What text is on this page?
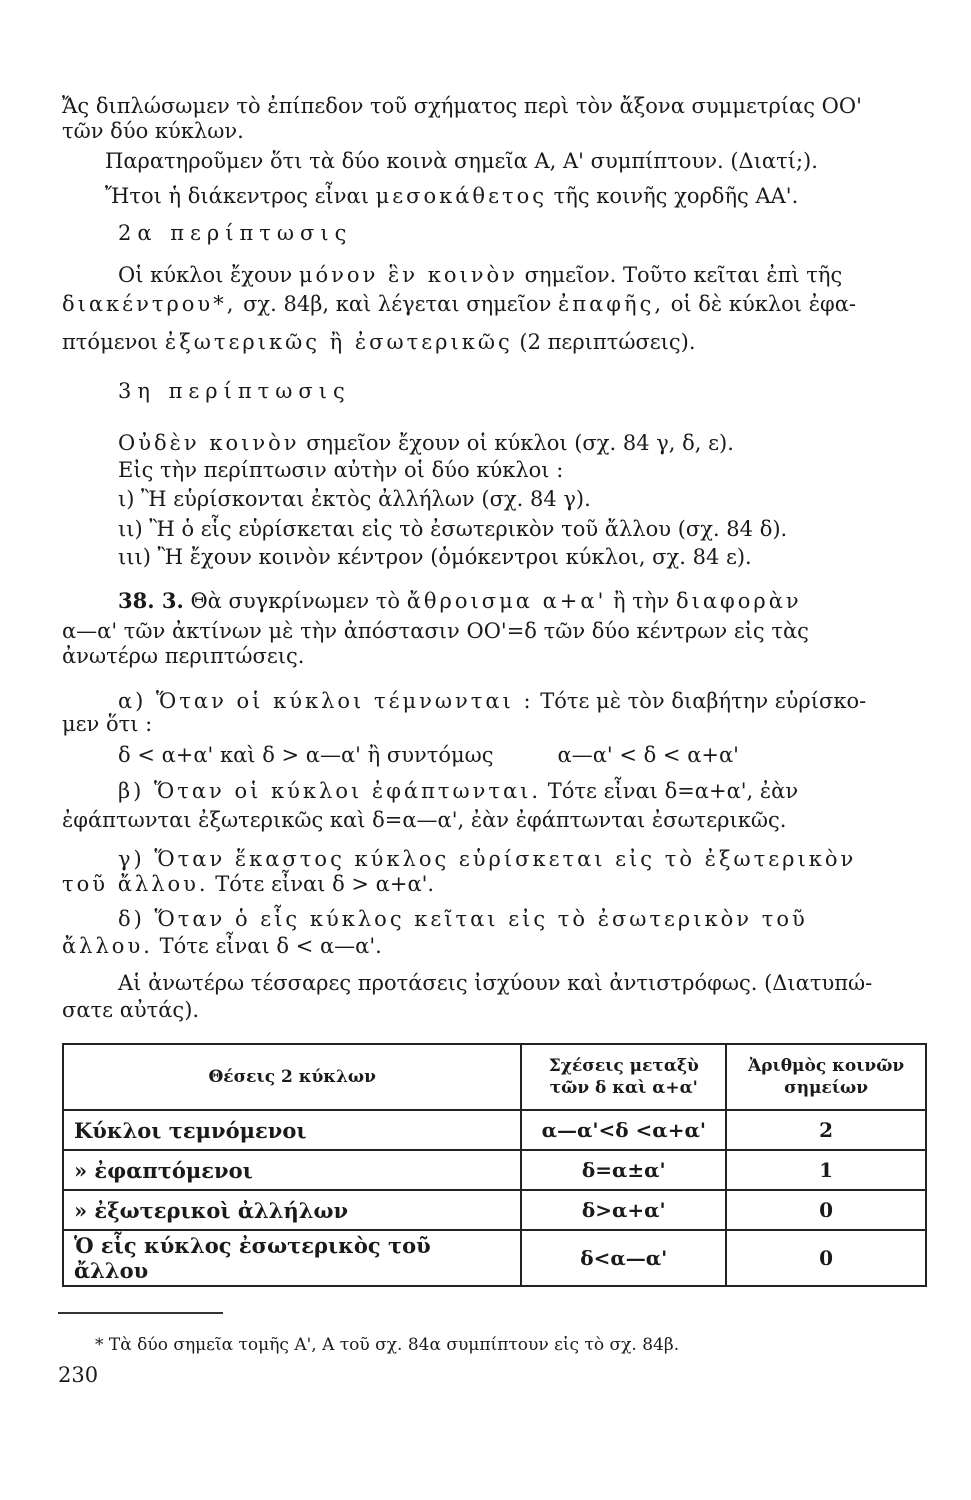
Ἄς διπλώσωμεν τὸ ἐπίπεδον τοῦ σχήματος περὶ τὸν ἄξονα συμμετρίας ΟΟ'
τῶν δύο κύκλων.
Παρατηροῦμεν ὅτι τὰ δύο κοινὰ σημεῖα Α, Α' συμπίπτουν. (Διατί;).
Ἤτοι ἡ διάκεντρος εἶναι μεσοκάθετος τῆς κοινῆς χορδῆς ΑΑ'.
2α περίπτωσις
Οἱ κύκλοι ἔχουν μόνον ἓν κοινὸν σημεῖον. Τοῦτο κεῖται ἐπὶ τῆς
διακέντρου*, σχ. 84β, καὶ λέγεται σημεῖον ἐπαφῆς, οἱ δὲ κύκλοι ἐφα-
πτόμενοι ἐξωτερικῶς ἢ ἐσωτερικῶς (2 περιπτώσεις).
3η περίπτωσις
Οὐδὲν κοινὸν σημεῖον ἔχουν οἱ κύκλοι (σχ. 84 γ, δ, ε).
Εἰς τὴν περίπτωσιν αὐτὴν οἱ δύο κύκλοι :
ι) Ἢ εὑρίσκονται ἐκτὸς ἀλλήλων (σχ. 84 γ).
ιι) Ἢ ὁ εἷς εὑρίσκεται εἰς τὸ ἐσωτερικὸν τοῦ ἄλλου (σχ. 84 δ).
ιιι) Ἢ ἔχουν κοινὸν κέντρον (ὁμόκεντροι κύκλοι, σχ. 84 ε).
38. 3. Θὰ συγκρίνωμεν τὸ ἄθροισμα α+α' ἢ τὴν διαφορὰν
α—α' τῶν ἀκτίνων μὲ τὴν ἀπόστασιν ΟΟ'=δ τῶν δύο κέντρων εἰς τὰς
ἀνωτέρω περιπτώσεις.
α) Ὅταν οἱ κύκλοι τέμνωνται : Τότε μὲ τὸν διαβήτην εὑρίσκο-
μεν ὅτι :
δ < α+α' καὶ δ > α—α' ἢ συντόμως	α—α' < δ < α+α'
β) Ὅταν οἱ κύκλοι ἐφάπτωνται. Τότε εἶναι δ=α+α', ἐὰν
ἐφάπτωνται ἐξωτερικῶς καὶ δ=α—α', ἐὰν ἐφάπτωνται ἐσωτερικῶς.
γ) Ὅταν ἕκαστος κύκλος εὑρίσκεται εἰς τὸ ἐξωτερικὸν
τοῦ ἄλλου. Τότε εἶναι δ > α+α'.
δ) Ὅταν ὁ εἷς κύκλος κεῖται εἰς τὸ ἐσωτερικὸν τοῦ
ἄλλου. Τότε εἶναι δ < α—α'.
Αἱ ἀνωτέρω τέσσαρες προτάσεις ἰσχύουν καὶ ἀντιστρόφως. (Διατυπώ-
σατε αὐτάς).
Θέσεις 2 κύκλων	Σχέσεις μεταξὺ τῶν δ καὶ α+α'	Ἀριθμὸς κοινῶν σημείων
Κύκλοι τεμνόμενοι	α—α'<δ <α+α'	2
» ἐφαπτόμενοι	δ=α±α'	1
» ἐξωτερικοὶ ἀλλήλων	δ>α+α'	0
Ὁ εἷς κύκλος ἐσωτερικὸς τοῦ ἄλλου	δ<α—α'	0
* Τὰ δύο σημεῖα τομῆς Α', Α τοῦ σχ. 84α συμπίπτουν εἰς τὸ σχ. 84β.
230
